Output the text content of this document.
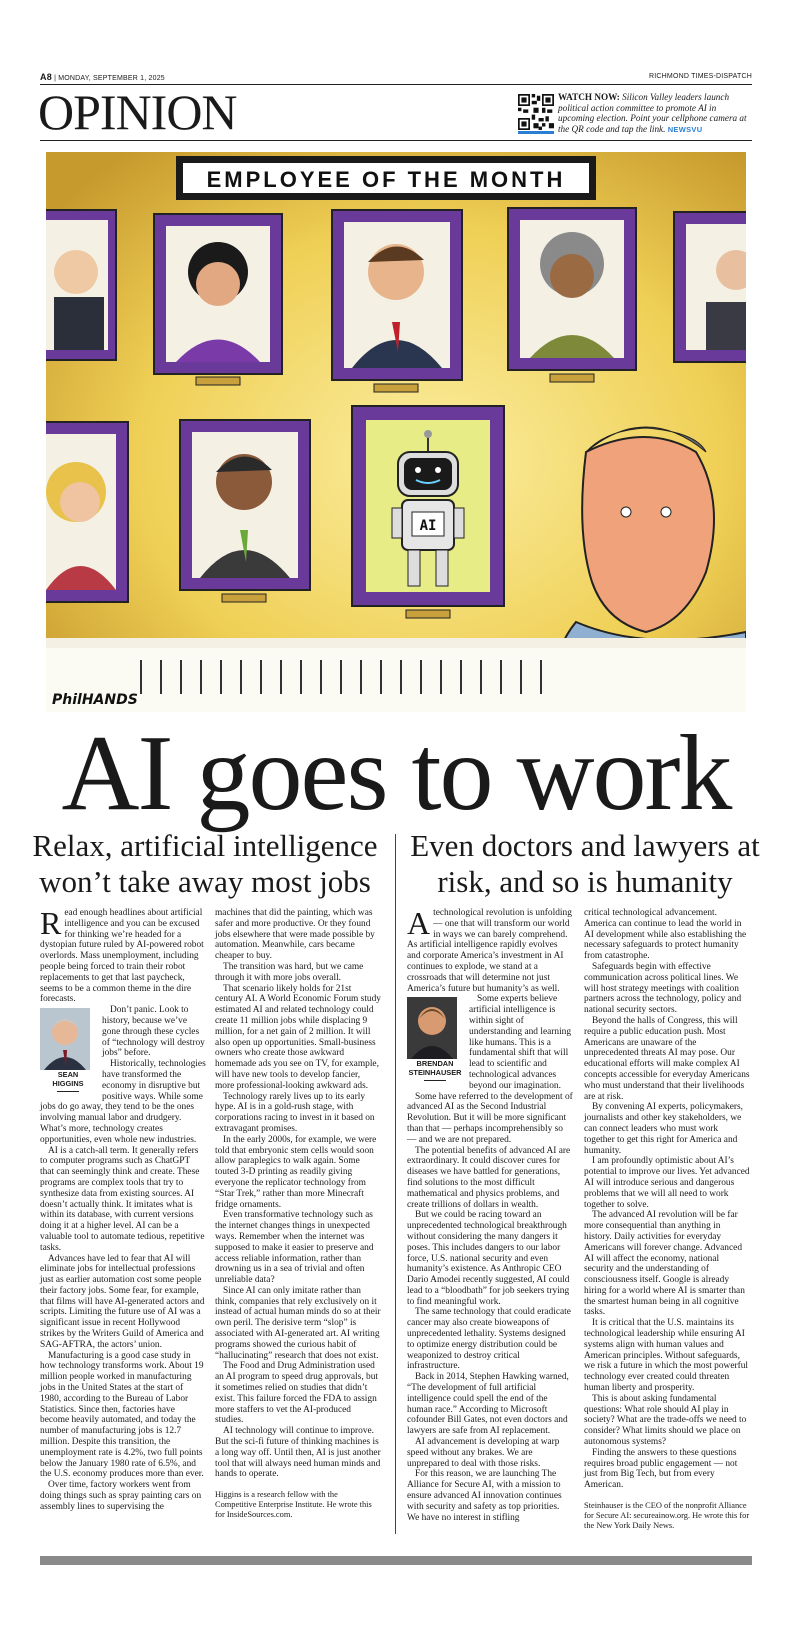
A8 | MONDAY, SEPTEMBER 1, 2025	RICHMOND TIMES-DISPATCH
OPINION	WATCH NOW: Silicon Valley leaders launch political action committee to promote AI in upcoming election. Point your cellphone camera at the QR code and tap the link. NEWSVU
EMPLOYEE OF THE MONTH
AI
PhilHANDS
AI goes to work
Relax, artificial intelligence won’t take away most jobs
Even doctors and lawyers at risk, and so is humanity

Read enough headlines about artificial intelligence and you can be excused for thinking we’re headed for a dystopian future ruled by AI-powered robot overlords. Mass unemployment, including people being forced to train their robot replacements to get that last paycheck, seems to be a common theme in the dire forecasts.

SEAN
HIGGINS

Don’t panic. Look to history, because we’ve gone through these cycles of “technology will destroy jobs” before.

Historically, technologies have transformed the economy in disruptive but positive ways. While some jobs do go away, they tend to be the ones involving manual labor and drudgery. What’s more, technology creates opportunities, even whole new industries.

AI is a catch-all term. It generally refers to computer programs such as ChatGPT that can seemingly think and create. These programs are complex tools that try to synthesize data from existing sources. AI doesn’t actually think. It imitates what is within its database, with current versions doing it at a higher level. AI can be a valuable tool to automate tedious, repetitive tasks.

Advances have led to fear that AI will eliminate jobs for intellectual professions just as earlier automation cost some people their factory jobs. Some fear, for example, that films will have AI-generated actors and scripts. Limiting the future use of AI was a significant issue in recent Hollywood strikes by the Writers Guild of America and SAG-AFTRA, the actors’ union.

Manufacturing is a good case study in how technology transforms work. About 19 million people worked in manufacturing jobs in the United States at the start of 1980, according to the Bureau of Labor Statistics. Since then, factories have become heavily automated, and today the number of manufacturing jobs is 12.7 million. Despite this transition, the unemployment rate is 4.2%, two full points below the January 1980 rate of 6.5%, and the U.S. economy produces more than ever.

Over time, factory workers went from doing things such as spray painting cars on assembly lines to supervising the

machines that did the painting, which was safer and more productive. Or they found jobs elsewhere that were made possible by automation. Meanwhile, cars became cheaper to buy.

The transition was hard, but we came through it with more jobs overall.

That scenario likely holds for 21st century AI. A World Economic Forum study estimated AI and related technology could create 11 million jobs while displacing 9 million, for a net gain of 2 million. It will also open up opportunities. Small-business owners who create those awkward homemade ads you see on TV, for example, will have new tools to develop fancier, more professional-looking awkward ads.

Technology rarely lives up to its early hype. AI is in a gold-rush stage, with corporations racing to invest in it based on extravagant promises.

In the early 2000s, for example, we were told that embryonic stem cells would soon allow paraplegics to walk again. Some touted 3-D printing as readily giving everyone the replicator technology from “Star Trek,” rather than more Minecraft fridge ornaments.

Even transformative technology such as the internet changes things in unexpected ways. Remember when the internet was supposed to make it easier to preserve and access reliable information, rather than drowning us in a sea of trivial and often unreliable data?

Since AI can only imitate rather than think, companies that rely exclusively on it instead of actual human minds do so at their own peril. The derisive term “slop” is associated with AI-generated art. AI writing programs showed the curious habit of “hallucinating” research that does not exist.

The Food and Drug Administration used an AI program to speed drug approvals, but it sometimes relied on studies that didn’t exist. This failure forced the FDA to assign more staffers to vet the AI-produced studies.

AI technology will continue to improve. But the sci-fi future of thinking machines is a long way off. Until then, AI is just another tool that will always need human minds and hands to operate.

Higgins is a research fellow with the Competitive Enterprise Institute. He wrote this for InsideSources.com.

Atechnological revolution is unfolding — one that will transform our world in ways we can barely comprehend. As artificial intelligence rapidly evolves and corporate America’s investment in AI continues to explode, we stand at a crossroads that will determine not just America’s future but humanity’s as well.

BRENDAN
STEINHAUSER

Some experts believe artificial intelligence is within sight of understanding and learning like humans. This is a fundamental shift that will lead to scientific and technological advances beyond our imagination.

Some have referred to the development of advanced AI as the Second Industrial Revolution. But it will be more significant than that — perhaps incomprehensibly so — and we are not prepared.

The potential benefits of advanced AI are extraordinary. It could discover cures for diseases we have battled for generations, find solutions to the most difficult mathematical and physics problems, and create trillions of dollars in wealth.

But we could be racing toward an unprecedented technological breakthrough without considering the many dangers it poses. This includes dangers to our labor force, U.S. national security and even humanity’s existence. As Anthropic CEO Dario Amodei recently suggested, AI could lead to a “bloodbath” for job seekers trying to find meaningful work.

The same technology that could eradicate cancer may also create bioweapons of unprecedented lethality. Systems designed to optimize energy distribution could be weaponized to destroy critical infrastructure.

Back in 2014, Stephen Hawking warned, “The development of full artificial intelligence could spell the end of the human race.” According to Microsoft cofounder Bill Gates, not even doctors and lawyers are safe from AI replacement.

AI advancement is developing at warp speed without any brakes. We are unprepared to deal with those risks.

For this reason, we are launching The Alliance for Secure AI, with a mission to ensure advanced AI innovation continues with security and safety as top priorities. We have no interest in stifling

critical technological advancement. America can continue to lead the world in AI development while also establishing the necessary safeguards to protect humanity from catastrophe.

Safeguards begin with effective communication across political lines. We will host strategy meetings with coalition partners across the technology, policy and national security sectors.

Beyond the halls of Congress, this will require a public education push. Most Americans are unaware of the unprecedented threats AI may pose. Our educational efforts will make complex AI concepts accessible for everyday Americans who must understand that their livelihoods are at risk.

By convening AI experts, policymakers, journalists and other key stakeholders, we can connect leaders who must work together to get this right for America and humanity.

I am profoundly optimistic about AI’s potential to improve our lives. Yet advanced AI will introduce serious and dangerous problems that we will all need to work together to solve.

The advanced AI revolution will be far more consequential than anything in history. Daily activities for everyday Americans will forever change. Advanced AI will affect the economy, national security and the understanding of consciousness itself. Google is already hiring for a world where AI is smarter than the smartest human being in all cognitive tasks.

It is critical that the U.S. maintains its technological leadership while ensuring AI systems align with human values and American principles. Without safeguards, we risk a future in which the most powerful technology ever created could threaten human liberty and prosperity.

This is about asking fundamental questions: What role should AI play in society? What are the trade-offs we need to consider? What limits should we place on autonomous systems?

Finding the answers to these questions requires broad public engagement — not just from Big Tech, but from every American.

Steinhauser is the CEO of the nonprofit Alliance for Secure AI: secureainow.org. He wrote this for the New York Daily News.
